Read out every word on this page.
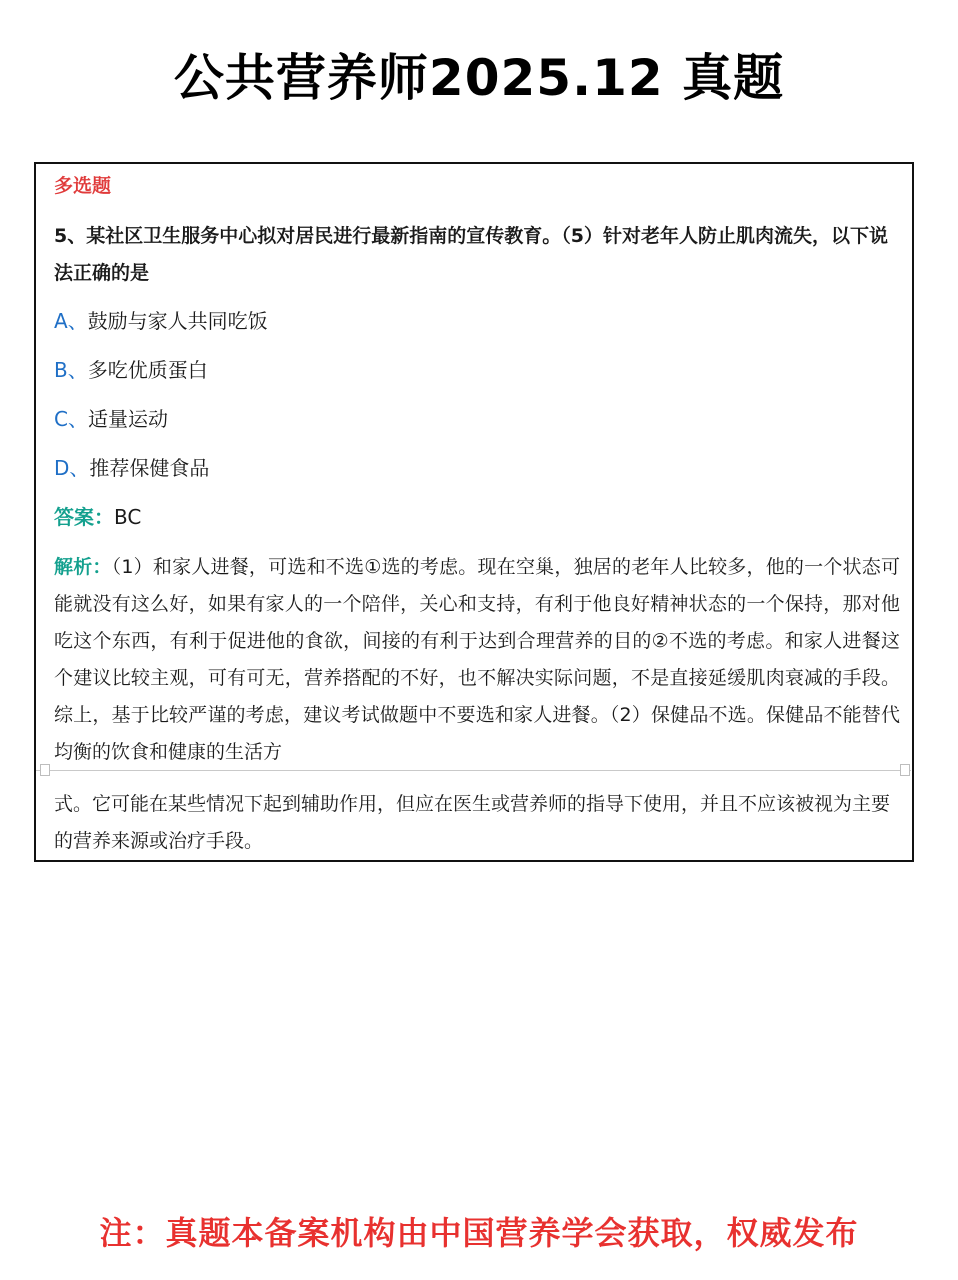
公共营养师2025.12 真题
多选题
5、某社区卫生服务中心拟对居民进行最新指南的宣传教育。（5）针对老年人防止肌肉流失，以下说法正确的是
A、鼓励与家人共同吃饭
B、多吃优质蛋白
C、适量运动
D、推荐保健食品
答案：BC
解析：（1）和家人进餐，可选和不选①选的考虑。现在空巢，独居的老年人比较多，他的一个状态可能就没有这么好，如果有家人的一个陪伴，关心和支持，有利于他良好精神状态的一个保持，那对他吃这个东西，有利于促进他的食欲，间接的有利于达到合理营养的目的②不选的考虑。和家人进餐这个建议比较主观，可有可无，营养搭配的不好，也不解决实际问题，不是直接延缓肌肉衰减的手段。综上，基于比较严谨的考虑，建议考试做题中不要选和家人进餐。（2）保健品不选。保健品不能替代均衡的饮食和健康的生活方
式。它可能在某些情况下起到辅助作用，但应在医生或营养师的指导下使用，并且不应该被视为主要的营养来源或治疗手段。
注：真题本备案机构由中国营养学会获取，权威发布
